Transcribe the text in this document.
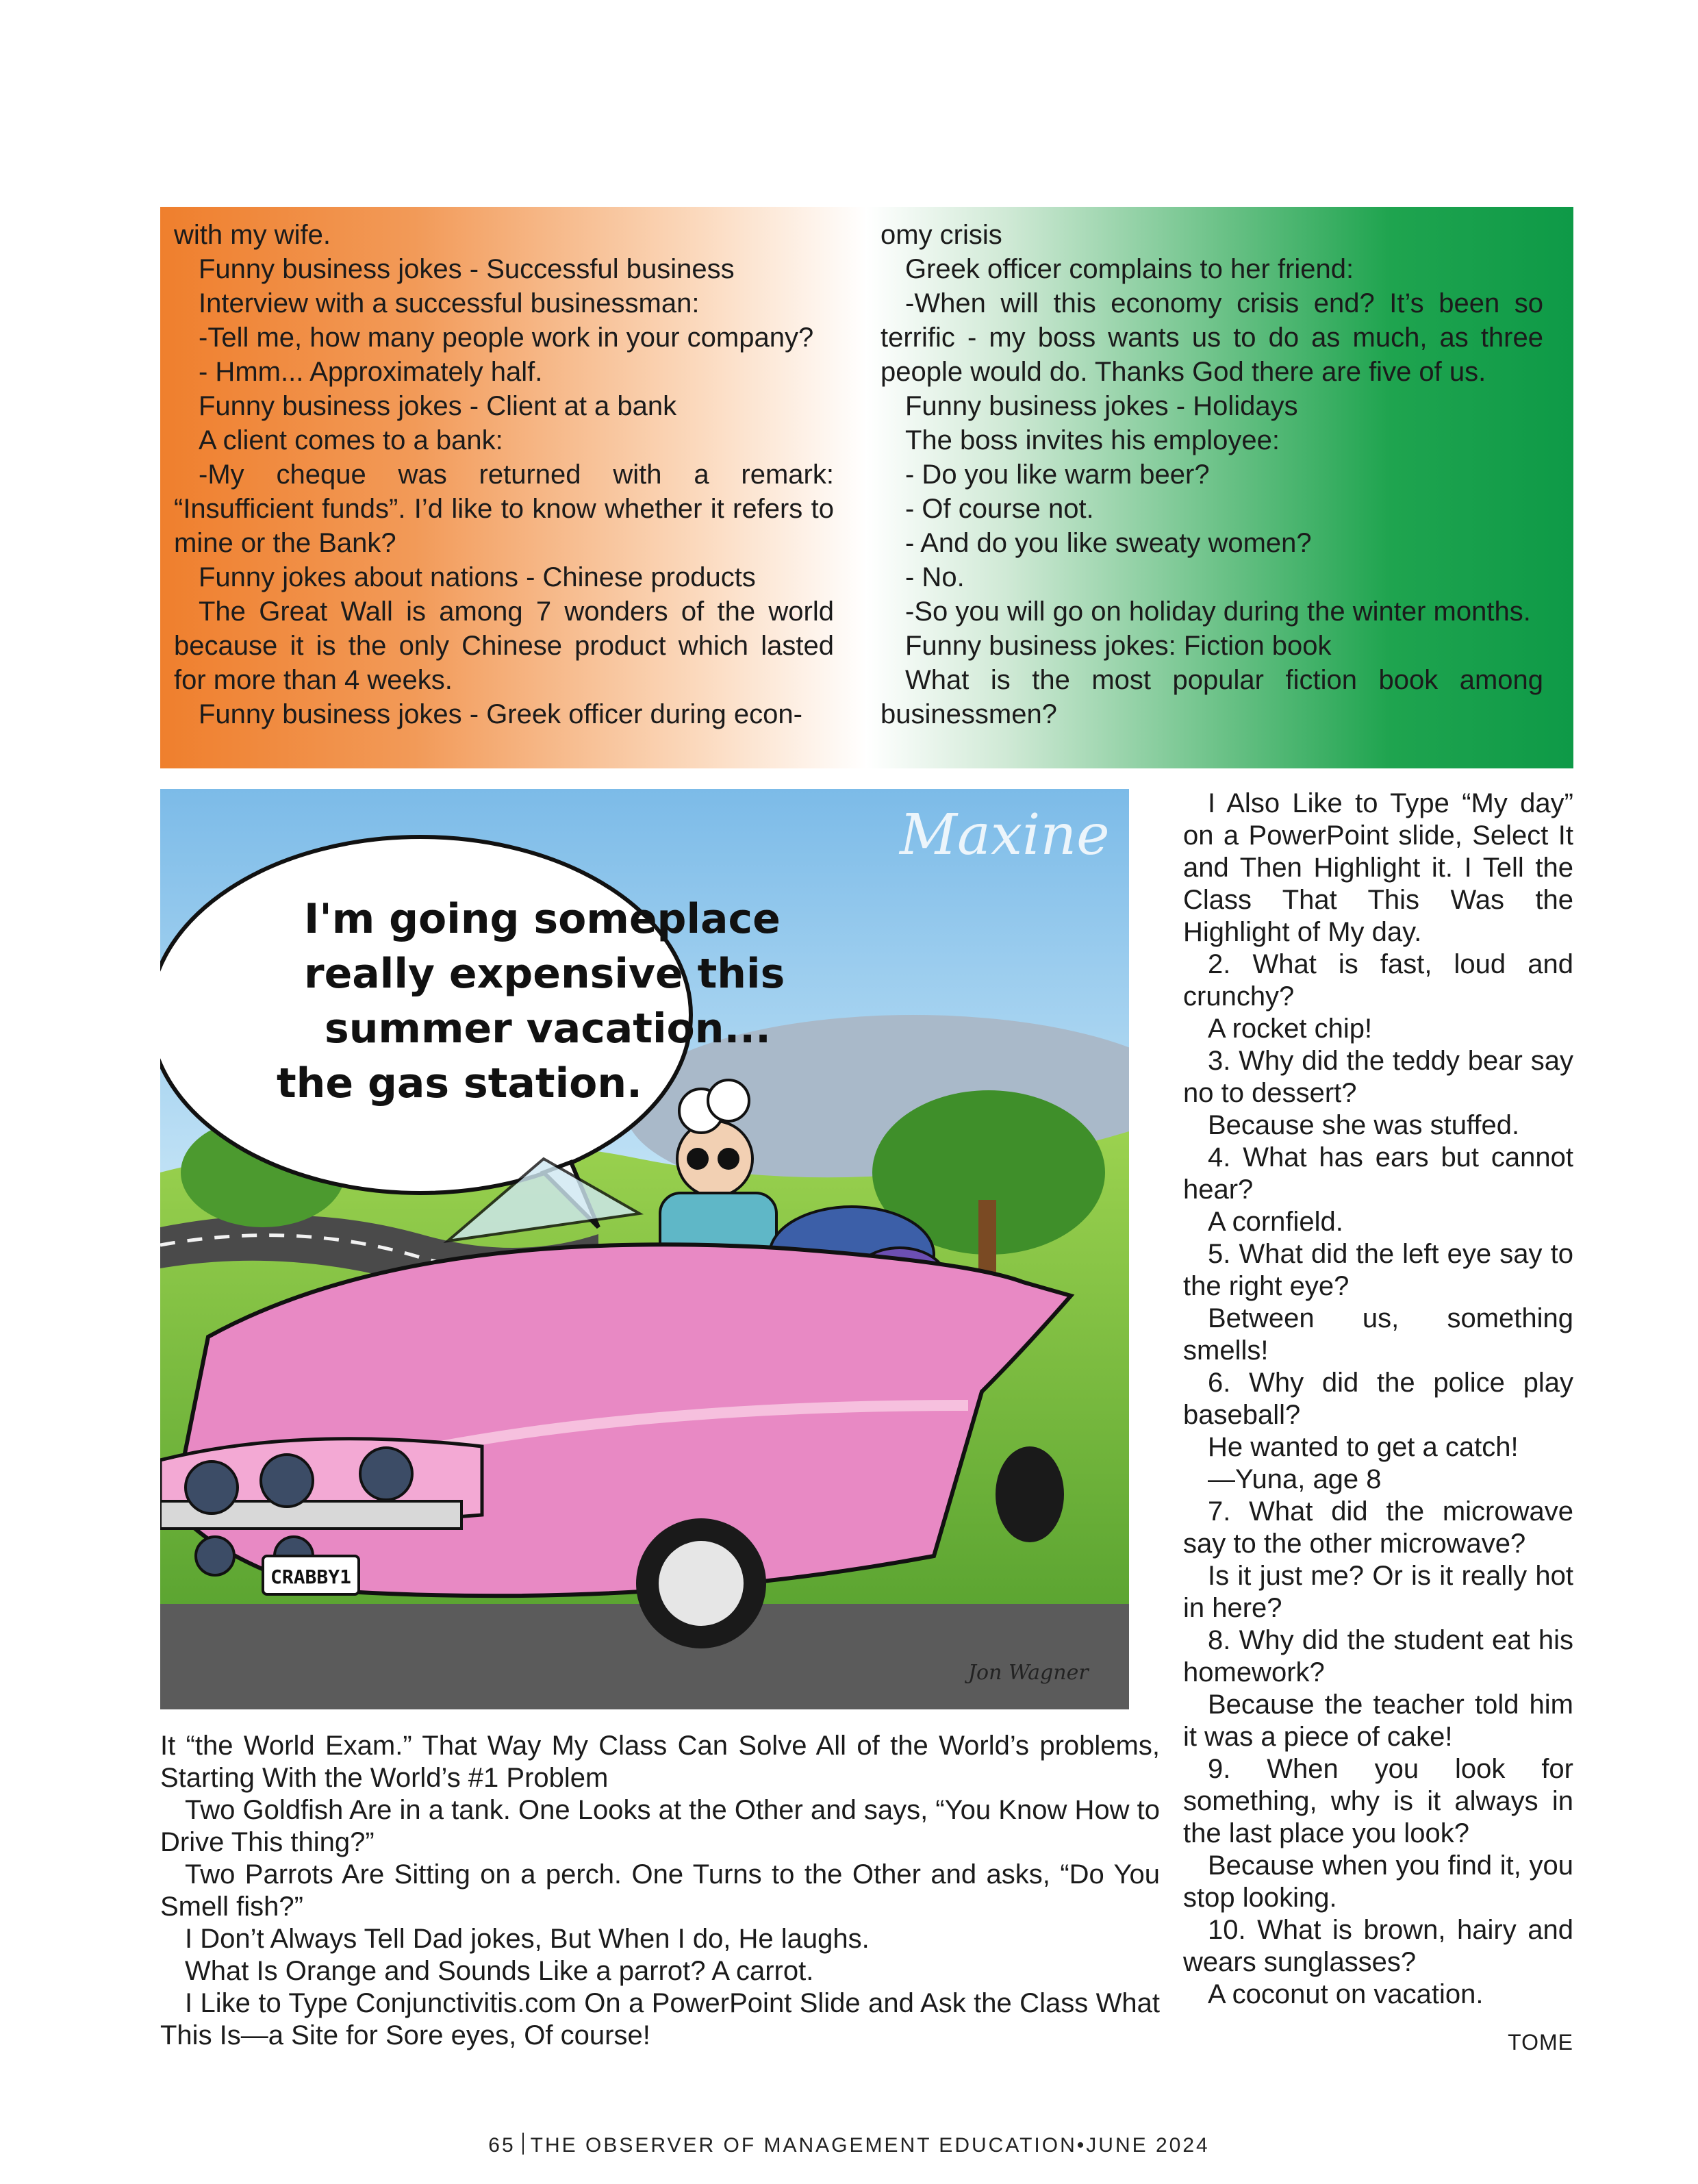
with my wife.

Funny business jokes - Successful business

Interview with a successful businessman:

-Tell me, how many people work in your company?

- Hmm... Approximately half.

Funny business jokes - Client at a bank

A client comes to a bank:

-My cheque was returned with a remark: “Insufficient funds”. I’d like to know whether it refers to mine or the Bank?

Funny jokes about nations - Chinese products

The Great Wall is among 7 wonders of the world because it is the only Chinese product which lasted for more than 4 weeks.

Funny business jokes - Greek officer during econ-

omy crisis

Greek officer complains to her friend:

-When will this economy crisis end? It’s been so terrific - my boss wants us to do as much, as three people would do. Thanks God there are five of us.

Funny business jokes - Holidays

The boss invites his employee:

- Do you like warm beer?

- Of course not.

- And do you like sweaty women?

- No.

-So you will go on holiday during the winter months.

Funny business jokes: Fiction book

What is the most popular fiction book among businessmen?

Maxine
I'm going someplace
really expensive this
summer vacation...
the gas station.
CRABBY1
Jon Wagner

It “the World Exam.” That Way My Class Can Solve All of the World’s problems, Starting With the World’s #1 Problem

Two Goldfish Are in a tank. One Looks at the Other and says, “You Know How to Drive This thing?”

Two Parrots Are Sitting on a perch. One Turns to the Other and asks, “Do You Smell fish?”

I Don’t Always Tell Dad jokes, But When I do, He laughs.

What Is Orange and Sounds Like a parrot? A carrot.

I Like to Type Conjunctivitis.com On a PowerPoint Slide and Ask the Class What This Is—a Site for Sore eyes, Of course!

I Also Like to Type “My day” on a PowerPoint slide, Select It and Then Highlight it. I Tell the Class That This Was the Highlight of My day.

2. What is fast, loud and crunchy?

A rocket chip!

3. Why did the teddy bear say no to dessert?

Because she was stuffed.

4. What has ears but cannot hear?

A cornfield.

5. What did the left eye say to the right eye?

Between us, something smells!

6. Why did the police play baseball?

He wanted to get a catch!

—Yuna, age 8

7. What did the microwave say to the other microwave?

Is it just me? Or is it really hot in here?

8. Why did the student eat his homework?

Because the teacher told him it was a piece of cake!

9. When you look for something, why is it always in the last place you look?

Because when you find it, you stop looking.

10. What is brown, hairy and wears sunglasses?

A coconut on vacation.

TOME
65 THE OBSERVER OF MANAGEMENT EDUCATION•JUNE 2024
